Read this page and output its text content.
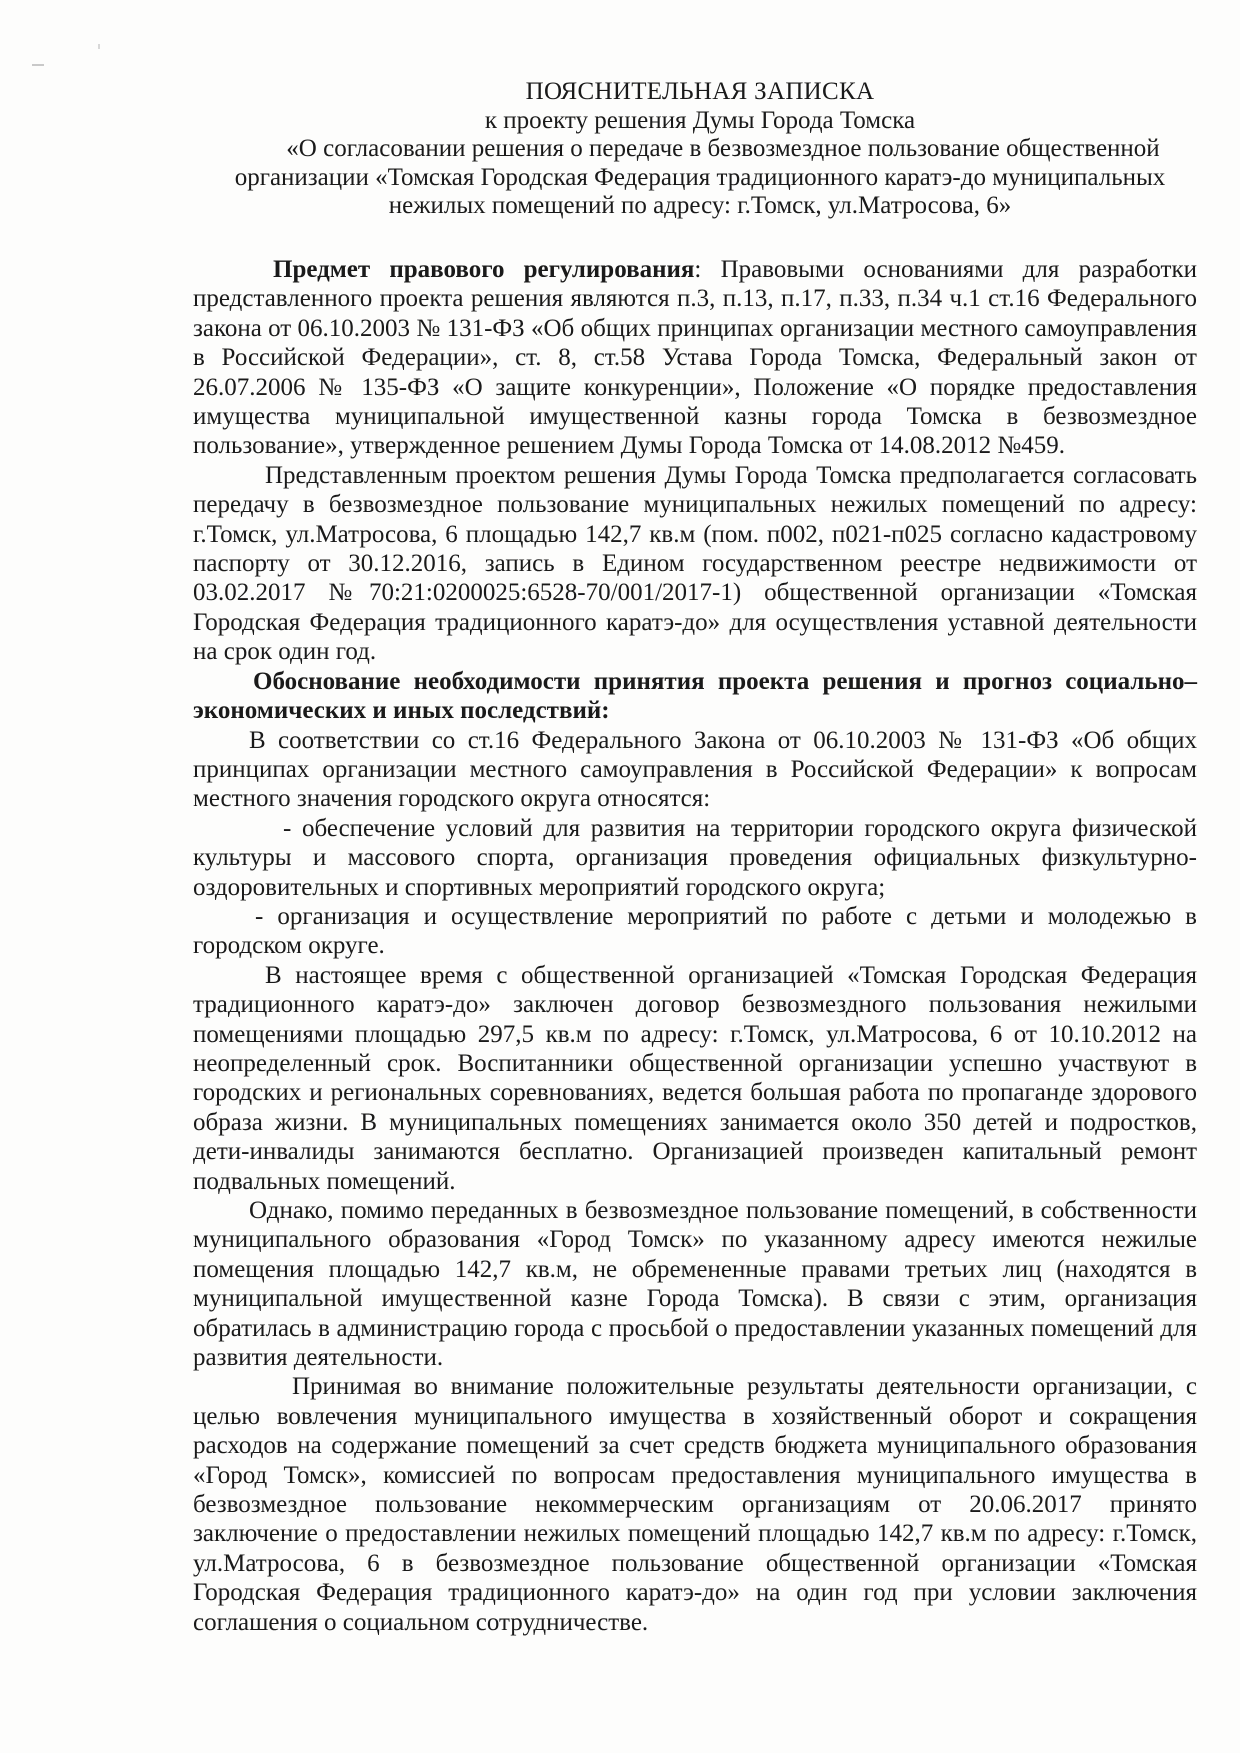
ПОЯСНИТЕЛЬНАЯ ЗАПИСКА
к проекту решения Думы Города Томска
«О согласовании решения о передаче в безвозмездное пользование общественной
организации «Томская Городская Федерация традиционного каратэ-до муниципальных
нежилых помещений по адресу: г.Томск, ул.Матросова, 6»

Предмет правового регулирования: Правовыми основаниями для разработки представленного проекта решения являются п.3, п.13, п.17, п.33, п.34 ч.1 ст.16 Федерального закона от 06.10.2003 № 131-ФЗ «Об общих принципах организации местного самоуправления в Российской Федерации», ст. 8, ст.58 Устава Города Томска, Федеральный закон от 26.07.2006 № 135-ФЗ «О защите конкуренции», Положение «О порядке предоставления имущества муниципальной имущественной казны города Томска в безвозмездное пользование», утвержденное решением Думы Города Томска от 14.08.2012 №459.

Представленным проектом решения Думы Города Томска предполагается согласовать передачу в безвозмездное пользование муниципальных нежилых помещений по адресу: г.Томск, ул.Матросова, 6 площадью 142,7 кв.м (пом. п002, п021-п025 согласно кадастровому паспорту от 30.12.2016, запись в Едином государственном реестре недвижимости от 03.02.2017 №70:21:0200025:6528-70/001/2017-1) общественной организации «Томская Городская Федерация традиционного каратэ-до» для осуществления уставной деятельности на срок один год.

Обоснование необходимости принятия проекта решения и прогноз социально–экономических и иных последствий:

В соответствии со ст.16 Федерального Закона от 06.10.2003 № 131-ФЗ «Об общих принципах организации местного самоуправления в Российской Федерации» к вопросам местного значения городского округа относятся:

- обеспечение условий для развития на территории городского округа физической культуры и массового спорта, организация проведения официальных физкультурно-оздоровительных и спортивных мероприятий городского округа;

- организация и осуществление мероприятий по работе с детьми и молодежью в городском округе.

В настоящее время с общественной организацией «Томская Городская Федерация традиционного каратэ-до» заключен договор безвозмездного пользования нежилыми помещениями площадью 297,5 кв.м по адресу: г.Томск, ул.Матросова, 6 от 10.10.2012 на неопределенный срок. Воспитанники общественной организации успешно участвуют в городских и региональных соревнованиях, ведется большая работа по пропаганде здорового образа жизни. В муниципальных помещениях занимается около 350 детей и подростков, дети-инвалиды занимаются бесплатно. Организацией произведен капитальный ремонт подвальных помещений.

Однако, помимо переданных в безвозмездное пользование помещений, в собственности муниципального образования «Город Томск» по указанному адресу имеются нежилые помещения площадью 142,7 кв.м, не обремененные правами третьих лиц (находятся в муниципальной имущественной казне Города Томска). В связи с этим, организация обратилась в администрацию города с просьбой о предоставлении указанных помещений для развития деятельности.

Принимая во внимание положительные результаты деятельности организации, с целью вовлечения муниципального имущества в хозяйственный оборот и сокращения расходов на содержание помещений за счет средств бюджета муниципального образования «Город Томск», комиссией по вопросам предоставления муниципального имущества в безвозмездное пользование некоммерческим организациям от 20.06.2017 принято заключение о предоставлении нежилых помещений площадью 142,7 кв.м по адресу: г.Томск, ул.Матросова, 6 в безвозмездное пользование общественной организации «Томская Городская Федерация традиционного каратэ-до» на один год при условии заключения соглашения о социальном сотрудничестве.
